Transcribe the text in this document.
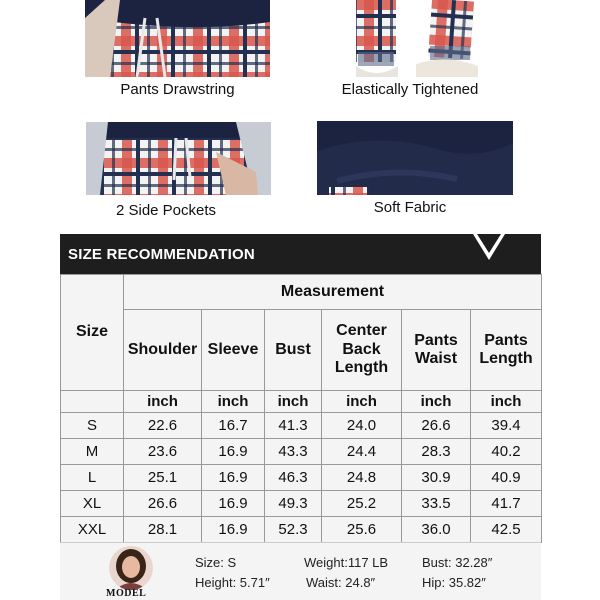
Pants Drawstring	Elastically Tightened
2 Side Pockets	Soft Fabric
SIZE RECOMMENDATION
Size	Measurement					
	Shoulder	Sleeve	Bust	Center Back Length	Pants Waist	Pants Length
	inch	inch	inch	inch	inch	inch
S	22.6	16.7	41.3	24.0	26.6	39.4
M	23.6	16.9	43.3	24.4	28.3	40.2
L	25.1	16.9	46.3	24.8	30.9	40.9
XL	26.6	16.9	49.3	25.2	33.5	41.7
XXL	28.1	16.9	52.3	25.6	36.0	42.5
MODEL
Size: S	Weight:117 LB	Bust: 32.28″
Height: 5.71″	Waist: 24.8″	Hip: 35.82″
